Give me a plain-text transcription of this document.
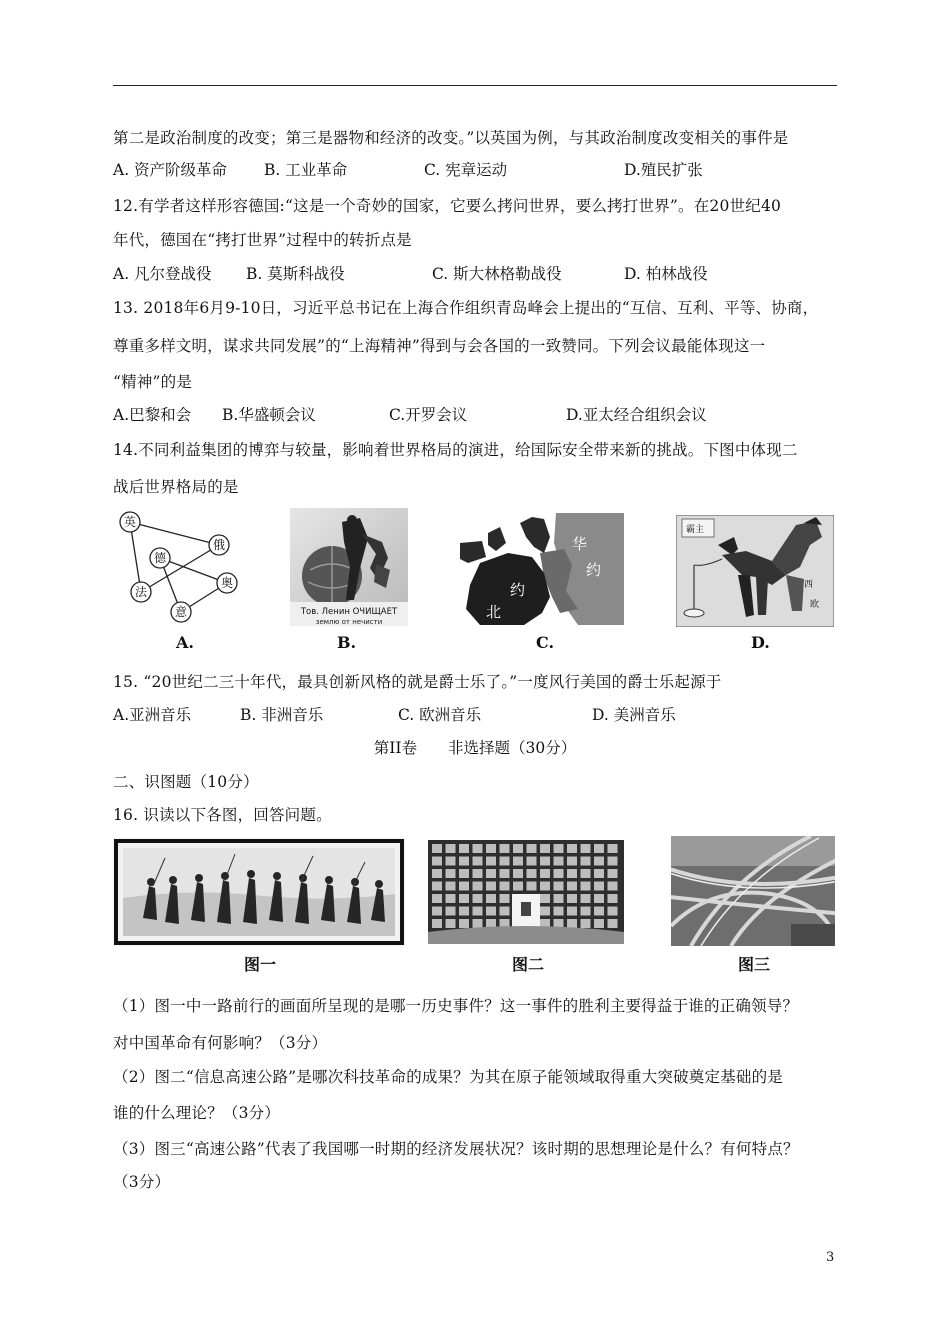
第二是政治制度的改变；第三是器物和经济的改变。”以英国为例，与其政治制度改变相关的事件是
A. 资产阶级革命 B. 工业革命	C. 宪章运动	D.殖民扩张
12.有学者这样形容德国:“这是一个奇妙的国家，它要么拷问世界，要么拷打世界”。在20世纪40
年代，德国在“拷打世界”过程中的转折点是
A. 凡尔登战役 B. 莫斯科战役	C. 斯大林格勒战役	D. 柏林战役
13. 2018年6月9-10日，习近平总书记在上海合作组织青岛峰会上提出的“互信、互利、平等、协商，
尊重多样文明，谋求共同发展”的“上海精神”得到与会各国的一致赞同。下列会议最能体现这一
“精神”的是
A.巴黎和会 B.华盛顿会议	C.开罗会议	D.亚太经合组织会议
14.不同利益集团的博弈与较量，影响着世界格局的演进，给国际安全带来新的挑战。下图中体现二
战后世界格局的是
英
俄
德
法
奥
意	Тов. Ленин ОЧИЩАЕТ
землю от нечисти
华
约
约
北
霸主
西
欧
A.	B.	C.	D.
15. “20世纪二三十年代，最具创新风格的就是爵士乐了。”一度风行美国的爵士乐起源于
A.亚洲音乐	B. 非洲音乐	C. 欧洲音乐	D. 美洲音乐
第II卷　　非选择题（30分）
二、识图题（10分）
16. 识读以下各图，回答问题。
图一	图二	图三
（1）图一中一路前行的画面所呈现的是哪一历史事件？这一事件的胜利主要得益于谁的正确领导？
对中国革命有何影响？（3分）
（2）图二“信息高速公路”是哪次科技革命的成果？为其在原子能领域取得重大突破奠定基础的是
谁的什么理论？（3分）
（3）图三“高速公路”代表了我国哪一时期的经济发展状况？该时期的思想理论是什么？有何特点？
（3分）
3
